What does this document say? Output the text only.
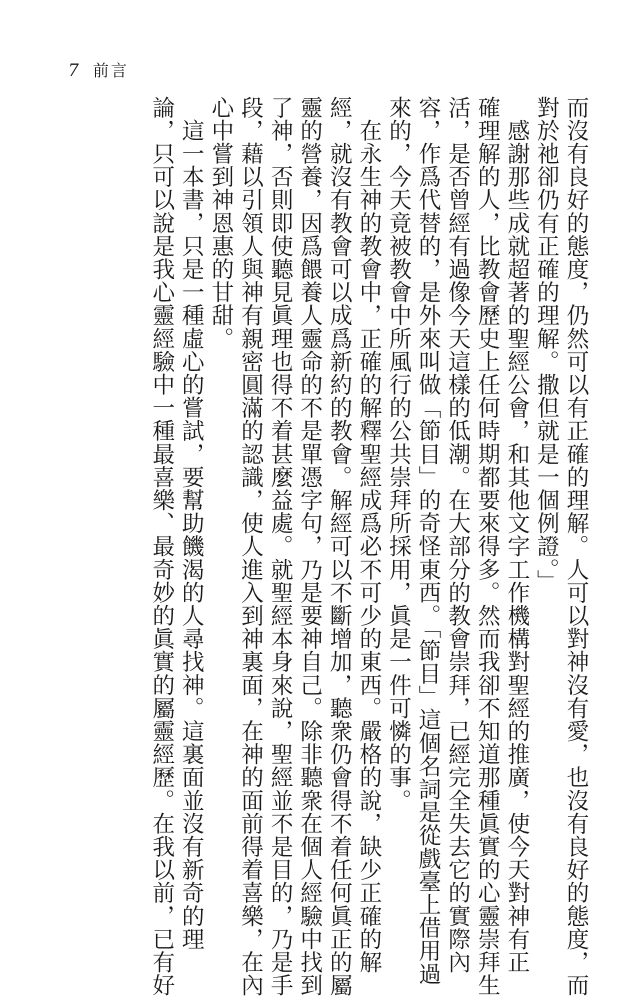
7 前言
而沒有良好的態度，仍然可以有正確的理解。人可以對神沒有愛，也沒有良好的態度，而
對於祂卻仍有正確的理解。撒但就是一個例證。」
　感謝那些成就超著的聖經公會，和其他文字工作機構對聖經的推廣，使今天對神有正
確理解的人，比教會歷史上任何時期都要來得多。然而我卻不知道那種眞實的心靈崇拜生
活，是否曾經有過像今天這樣的低潮。在大部分的教會崇拜，已經完全失去它的實際內
容，作爲代替的，是外來叫做「節目」的奇怪東西。「節目」這個名詞是從戲臺上借用過
來的，今天竟被教會中所風行的公共崇拜所採用，眞是一件可憐的事。
　在永生神的教會中，正確的解釋聖經成爲必不可少的東西。嚴格的說，缺少正確的解
經，就沒有教會可以成爲新約的教會。解經可以不斷增加，聽衆仍會得不着任何眞正的屬
靈的營養，因爲餵養人靈命的不是單憑字句，乃是要神自己。除非聽衆在個人經驗中找到
了神，否則即使聽見眞理也得不着甚麼益處。就聖經本身來說，聖經並不是目的，乃是手
段，藉以引領人與神有親密圓滿的認識，使人進入到神裏面，在神的面前得着喜樂，在內
心中嘗到神恩惠的甘甜。
　這一本書，只是一種虛心的嘗試，要幫助饑渴的人尋找神。這裏面並沒有新奇的理
論，只可以說是我心靈經驗中一種最喜樂、最奇妙的眞實的屬靈經歷。在我以前，已有好
